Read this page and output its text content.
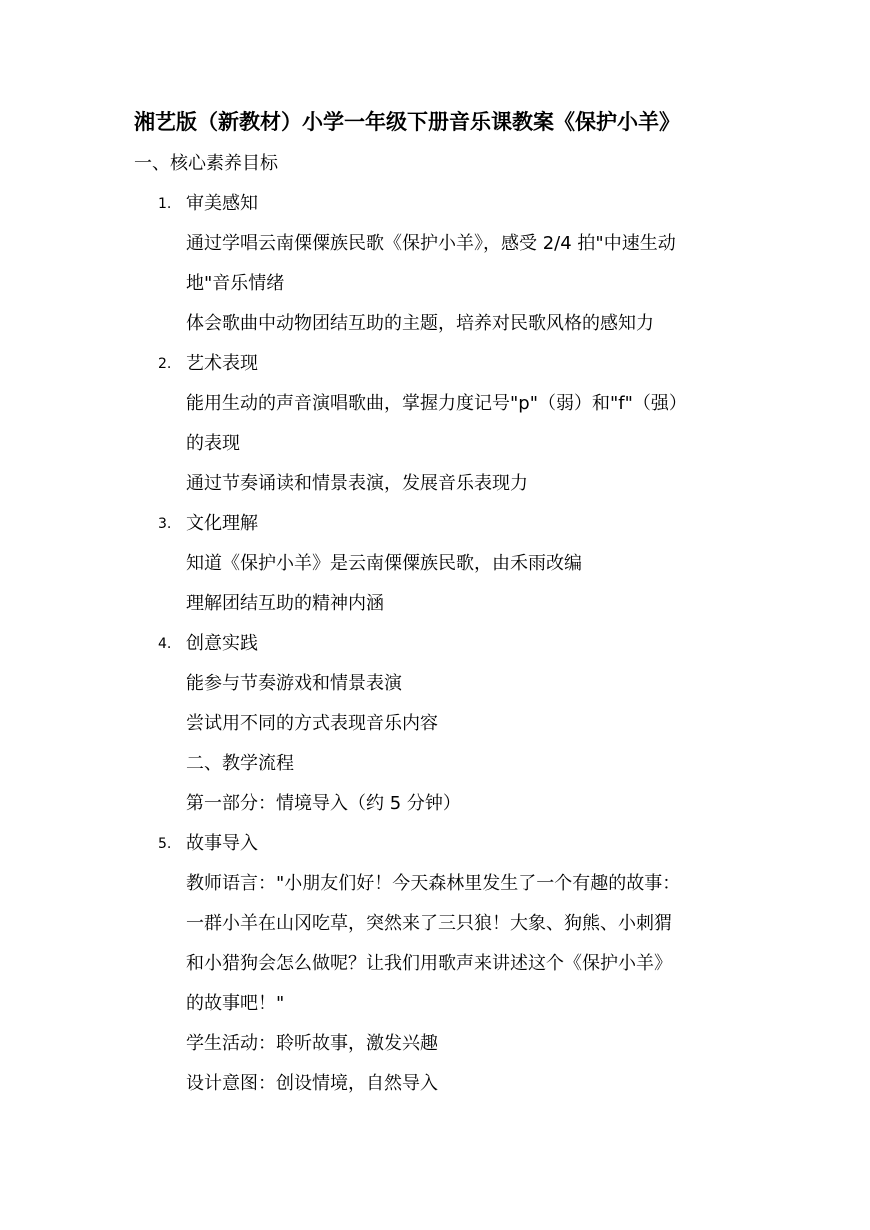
湘艺版（新教材）小学一年级下册音乐课教案《保护小羊》
一、核心素养目标
1. 审美感知
通过学唱云南傈僳族民歌《保护小羊》，感受 2/4 拍"中速生动
地"音乐情绪
体会歌曲中动物团结互助的主题，培养对民歌风格的感知力
2. 艺术表现
能用生动的声音演唱歌曲，掌握力度记号"p"（弱）和"f"（强）
的表现
通过节奏诵读和情景表演，发展音乐表现力
3. 文化理解
知道《保护小羊》是云南傈僳族民歌，由禾雨改编
理解团结互助的精神内涵
4. 创意实践
能参与节奏游戏和情景表演
尝试用不同的方式表现音乐内容
二、教学流程
第一部分：情境导入（约 5 分钟）
5. 故事导入
教师语言："小朋友们好！今天森林里发生了一个有趣的故事：
一群小羊在山冈吃草，突然来了三只狼！大象、狗熊、小刺猬
和小猎狗会怎么做呢？让我们用歌声来讲述这个《保护小羊》
的故事吧！"
学生活动：聆听故事，激发兴趣
设计意图：创设情境，自然导入
